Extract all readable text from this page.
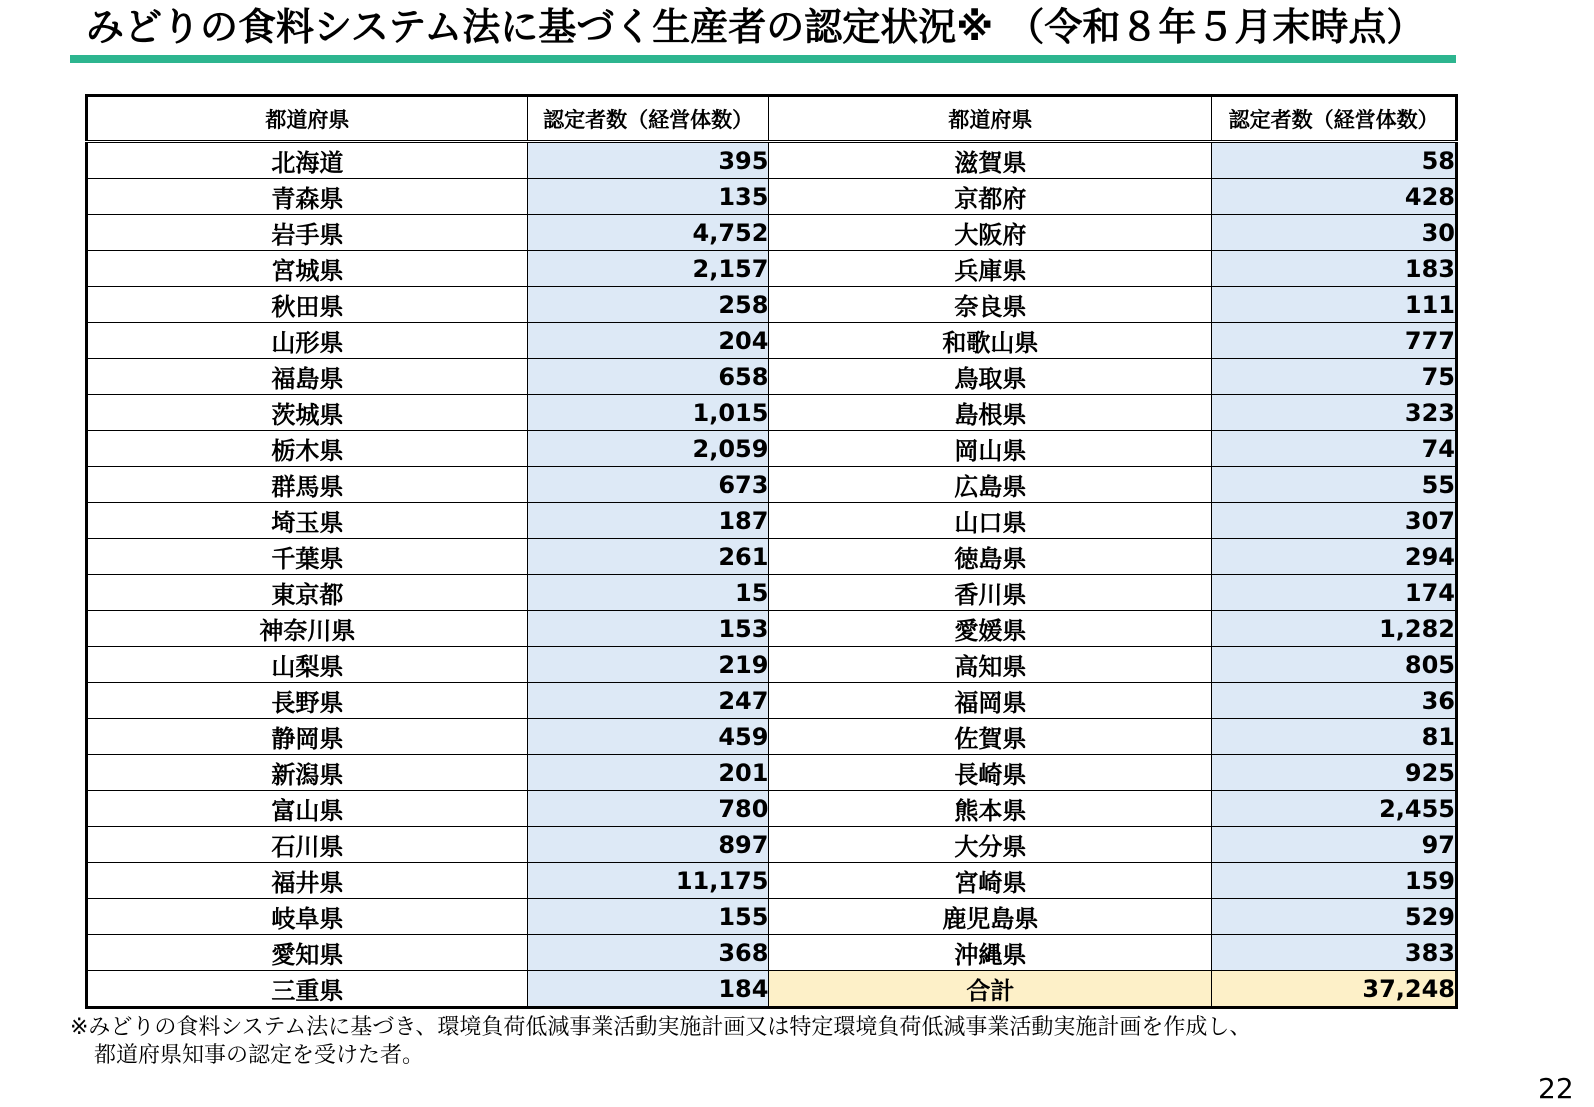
みどりの食料システム法に基づく生産者の認定状況※ （令和８年５月末時点）
都道府県	認定者数（経営体数）	都道府県	認定者数（経営体数）
北海道	395	滋賀県	58
青森県	135	京都府	428
岩手県	4,752	大阪府	30
宮城県	2,157	兵庫県	183
秋田県	258	奈良県	111
山形県	204	和歌山県	777
福島県	658	鳥取県	75
茨城県	1,015	島根県	323
栃木県	2,059	岡山県	74
群馬県	673	広島県	55
埼玉県	187	山口県	307
千葉県	261	徳島県	294
東京都	15	香川県	174
神奈川県	153	愛媛県	1,282
山梨県	219	高知県	805
長野県	247	福岡県	36
静岡県	459	佐賀県	81
新潟県	201	長崎県	925
富山県	780	熊本県	2,455
石川県	897	大分県	97
福井県	11,175	宮崎県	159
岐阜県	155	鹿児島県	529
愛知県	368	沖縄県	383
三重県	184	合計	37,248
※みどりの食料システム法に基づき、環境負荷低減事業活動実施計画又は特定環境負荷低減事業活動実施計画を作成し、
都道府県知事の認定を受けた者。
22
